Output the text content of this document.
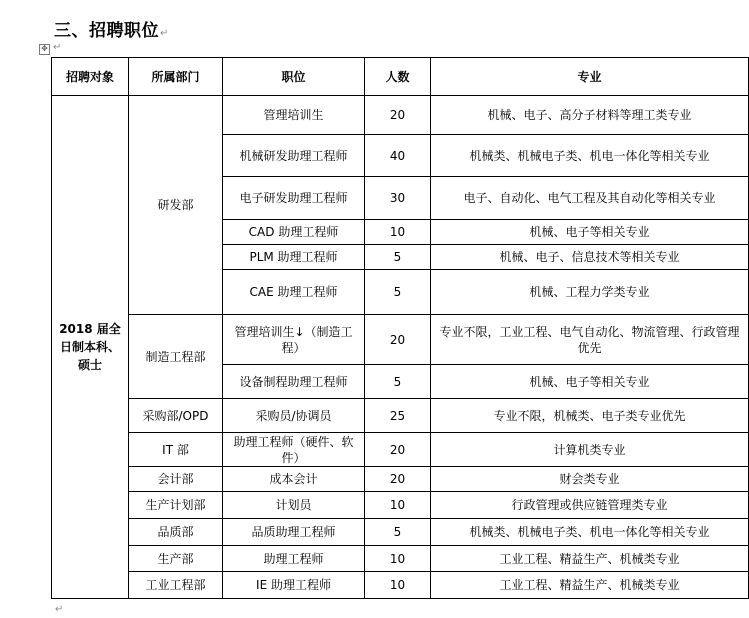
三、招聘职位↵
✥ ↵
招聘对象	所属部门	职位	人数	专业
2018 届全日制本科、硕士	研发部	管理培训生	20	机械、电子、高分子材料等理工类专业
		机械研发助理工程师	40	机械类、机械电子类、机电一体化等相关专业
		电子研发助理工程师	30	电子、自动化、电气工程及其自动化等相关专业
		CAD 助理工程师	10	机械、电子等相关专业
		PLM 助理工程师	5	机械、电子、信息技术等相关专业
		CAE 助理工程师	5	机械、工程力学类专业
	制造工程部	管理培训生↓（制造工程）	20	专业不限，工业工程、电气自动化、物流管理、行政管理优先
		设备制程助理工程师	5	机械、电子等相关专业
	采购部/OPD	采购员/协调员	25	专业不限，机械类、电子类专业优先
	IT 部	助理工程师（硬件、软件）	20	计算机类专业
	会计部	成本会计	20	财会类专业
	生产计划部	计划员	10	行政管理或供应链管理类专业
	品质部	品质助理工程师	5	机械类、机械电子类、机电一体化等相关专业
	生产部	助理工程师	10	工业工程、精益生产、机械类专业
	工业工程部	IE 助理工程师	10	工业工程、精益生产、机械类专业
↵
